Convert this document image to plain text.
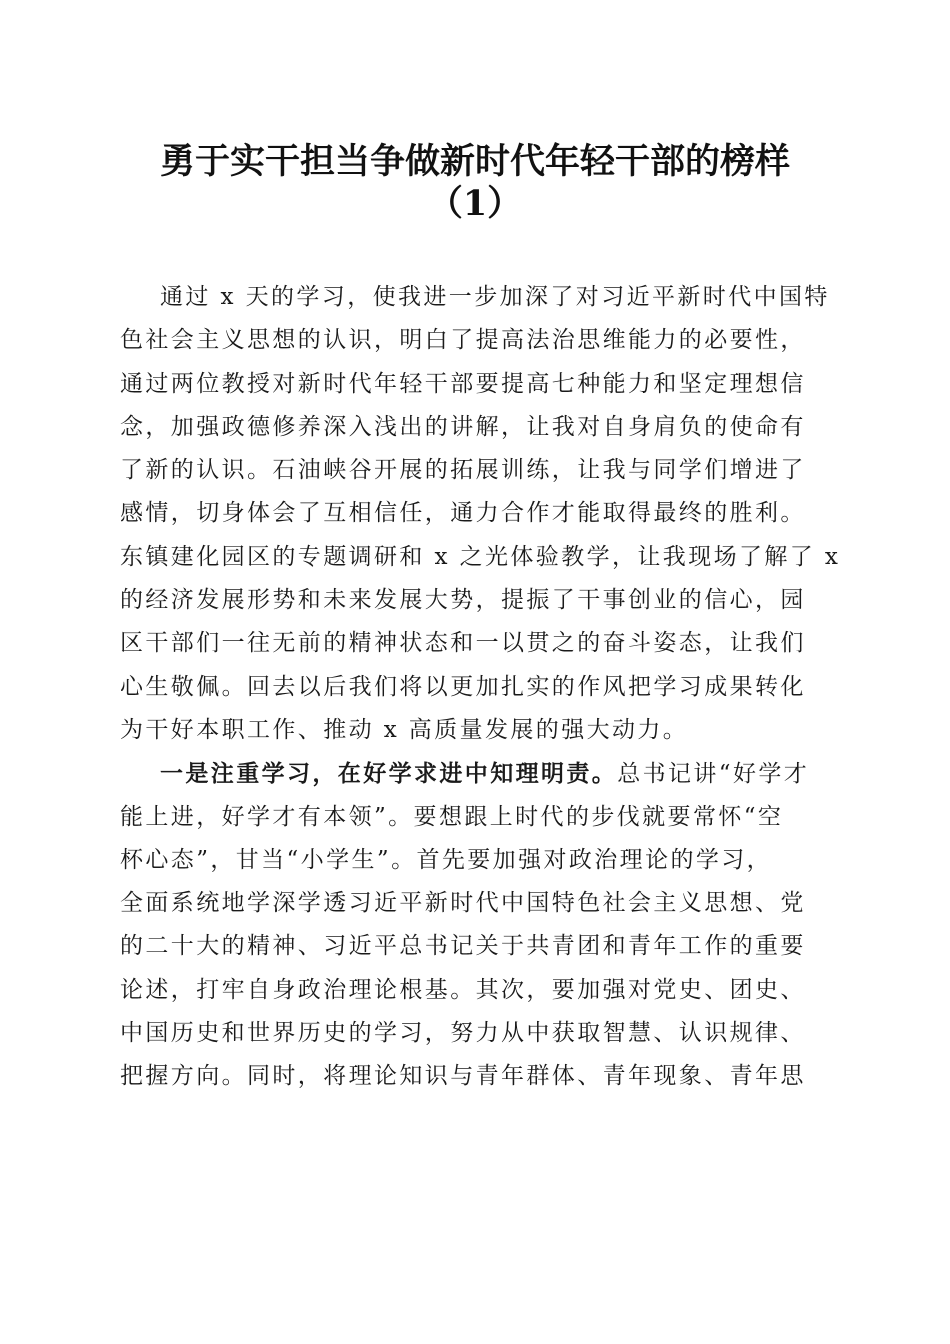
勇于实干担当争做新时代年轻干部的榜样
（1）
通过 x 天的学习，使我进一步加深了对习近平新时代中国特
色社会主义思想的认识，明白了提高法治思维能力的必要性，
通过两位教授对新时代年轻干部要提高七种能力和坚定理想信
念，加强政德修养深入浅出的讲解，让我对自身肩负的使命有
了新的认识。石油峡谷开展的拓展训练，让我与同学们增进了
感情，切身体会了互相信任，通力合作才能取得最终的胜利。
东镇建化园区的专题调研和 x 之光体验教学，让我现场了解了 x
的经济发展形势和未来发展大势，提振了干事创业的信心，园
区干部们一往无前的精神状态和一以贯之的奋斗姿态，让我们
心生敬佩。回去以后我们将以更加扎实的作风把学习成果转化
为干好本职工作、推动 x 高质量发展的强大动力。
一是注重学习，在好学求进中知理明责。总书记讲“好学才
能上进，好学才有本领”。要想跟上时代的步伐就要常怀“空
杯心态”，甘当“小学生”。首先要加强对政治理论的学习，
全面系统地学深学透习近平新时代中国特色社会主义思想、党
的二十大的精神、习近平总书记关于共青团和青年工作的重要
论述，打牢自身政治理论根基。其次，要加强对党史、团史、
中国历史和世界历史的学习，努力从中获取智慧、认识规律、
把握方向。同时，将理论知识与青年群体、青年现象、青年思
